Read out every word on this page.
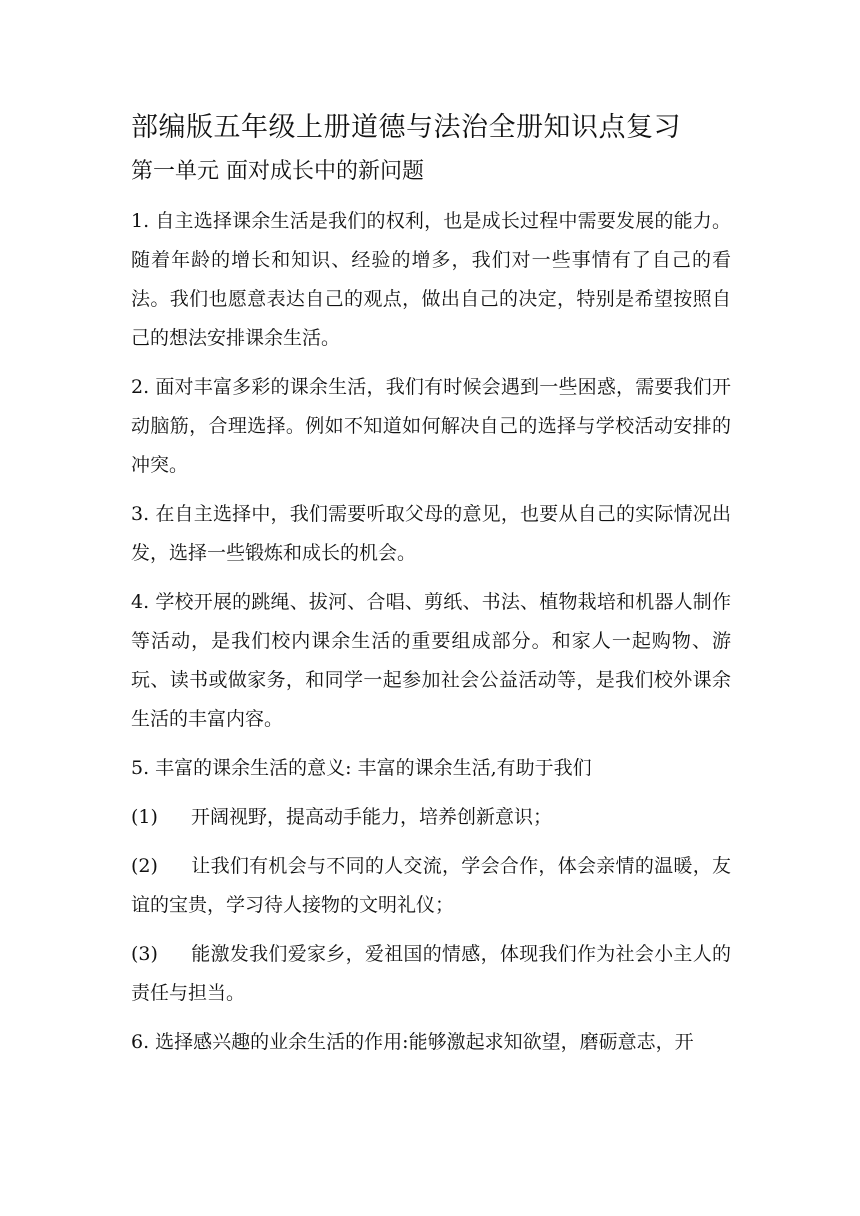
部编版五年级上册道德与法治全册知识点复习
第一单元 面对成长中的新问题

1. 自主选择课余生活是我们的权利，也是成长过程中需要发展的能力。随着年龄的增长和知识、经验的增多，我们对一些事情有了自己的看法。我们也愿意表达自己的观点，做出自己的决定，特别是希望按照自己的想法安排课余生活。

2. 面对丰富多彩的课余生活，我们有时候会遇到一些困惑，需要我们开动脑筋，合理选择。例如不知道如何解决自己的选择与学校活动安排的冲突。

3. 在自主选择中，我们需要听取父母的意见，也要从自己的实际情况出发，选择一些锻炼和成长的机会。

4. 学校开展的跳绳、拔河、合唱、剪纸、书法、植物栽培和机器人制作等活动，是我们校内课余生活的重要组成部分。和家人一起购物、游玩、读书或做家务，和同学一起参加社会公益活动等，是我们校外课余生活的丰富内容。

5. 丰富的课余生活的意义: 丰富的课余生活,有助于我们

(1) 开阔视野，提高动手能力，培养创新意识；

(2) 让我们有机会与不同的人交流，学会合作，体会亲情的温暖，友谊的宝贵，学习待人接物的文明礼仪；

(3) 能激发我们爱家乡，爱祖国的情感，体现我们作为社会小主人的责任与担当。

6. 选择感兴趣的业余生活的作用:能够激起求知欲望，磨砺意志，开
